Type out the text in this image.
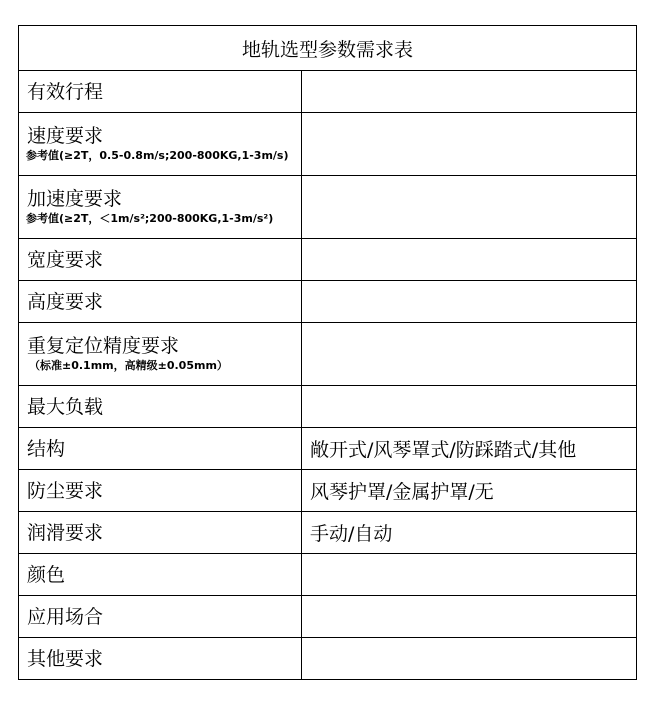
地轨选型参数需求表	

有效行程	

速度要求
参考值(≥2T，0.5-0.8m/s;200-800KG,1-3m/s)	

加速度要求
参考值(≥2T，＜1m/s²;200-800KG,1-3m/s²)	

宽度要求	

高度要求	

重复定位精度要求
（标准±0.1mm，高精级±0.05mm）	

最大负载	

结构	敞开式/风琴罩式/防踩踏式/其他

防尘要求	风琴护罩/金属护罩/无

润滑要求	手动/自动

颜色	

应用场合	

其他要求	
